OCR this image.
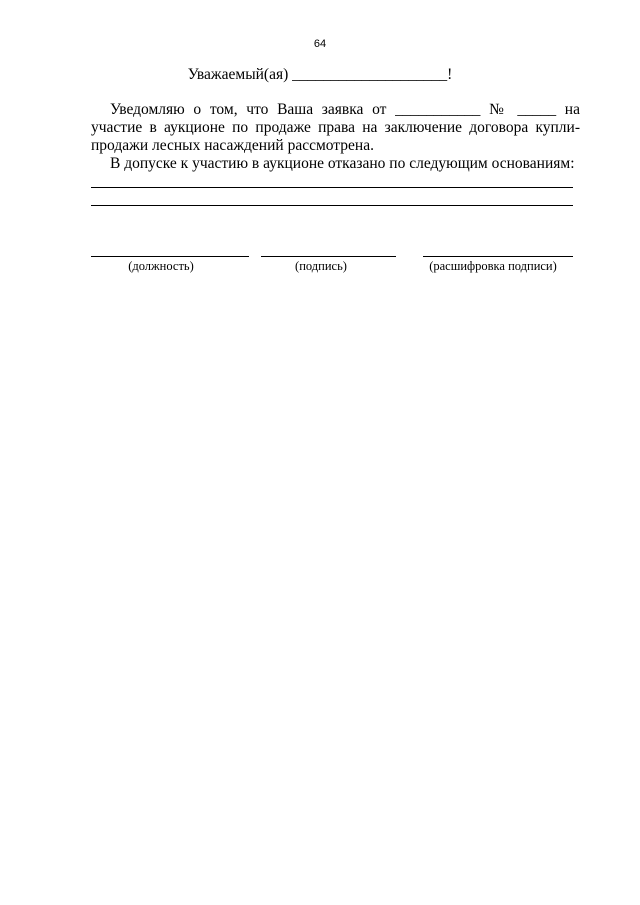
64
Уважаемый(ая) ____________________!

Уведомляю о том, что Ваша заявка от ___________ № _____ на участие в аукционе по продаже права на заключение договора купли-продажи лесных насаждений рассмотрена.

В допуске к участию в аукционе отказано по следующим основаниям:

(должность)	(подпись)	(расшифровка подписи)
